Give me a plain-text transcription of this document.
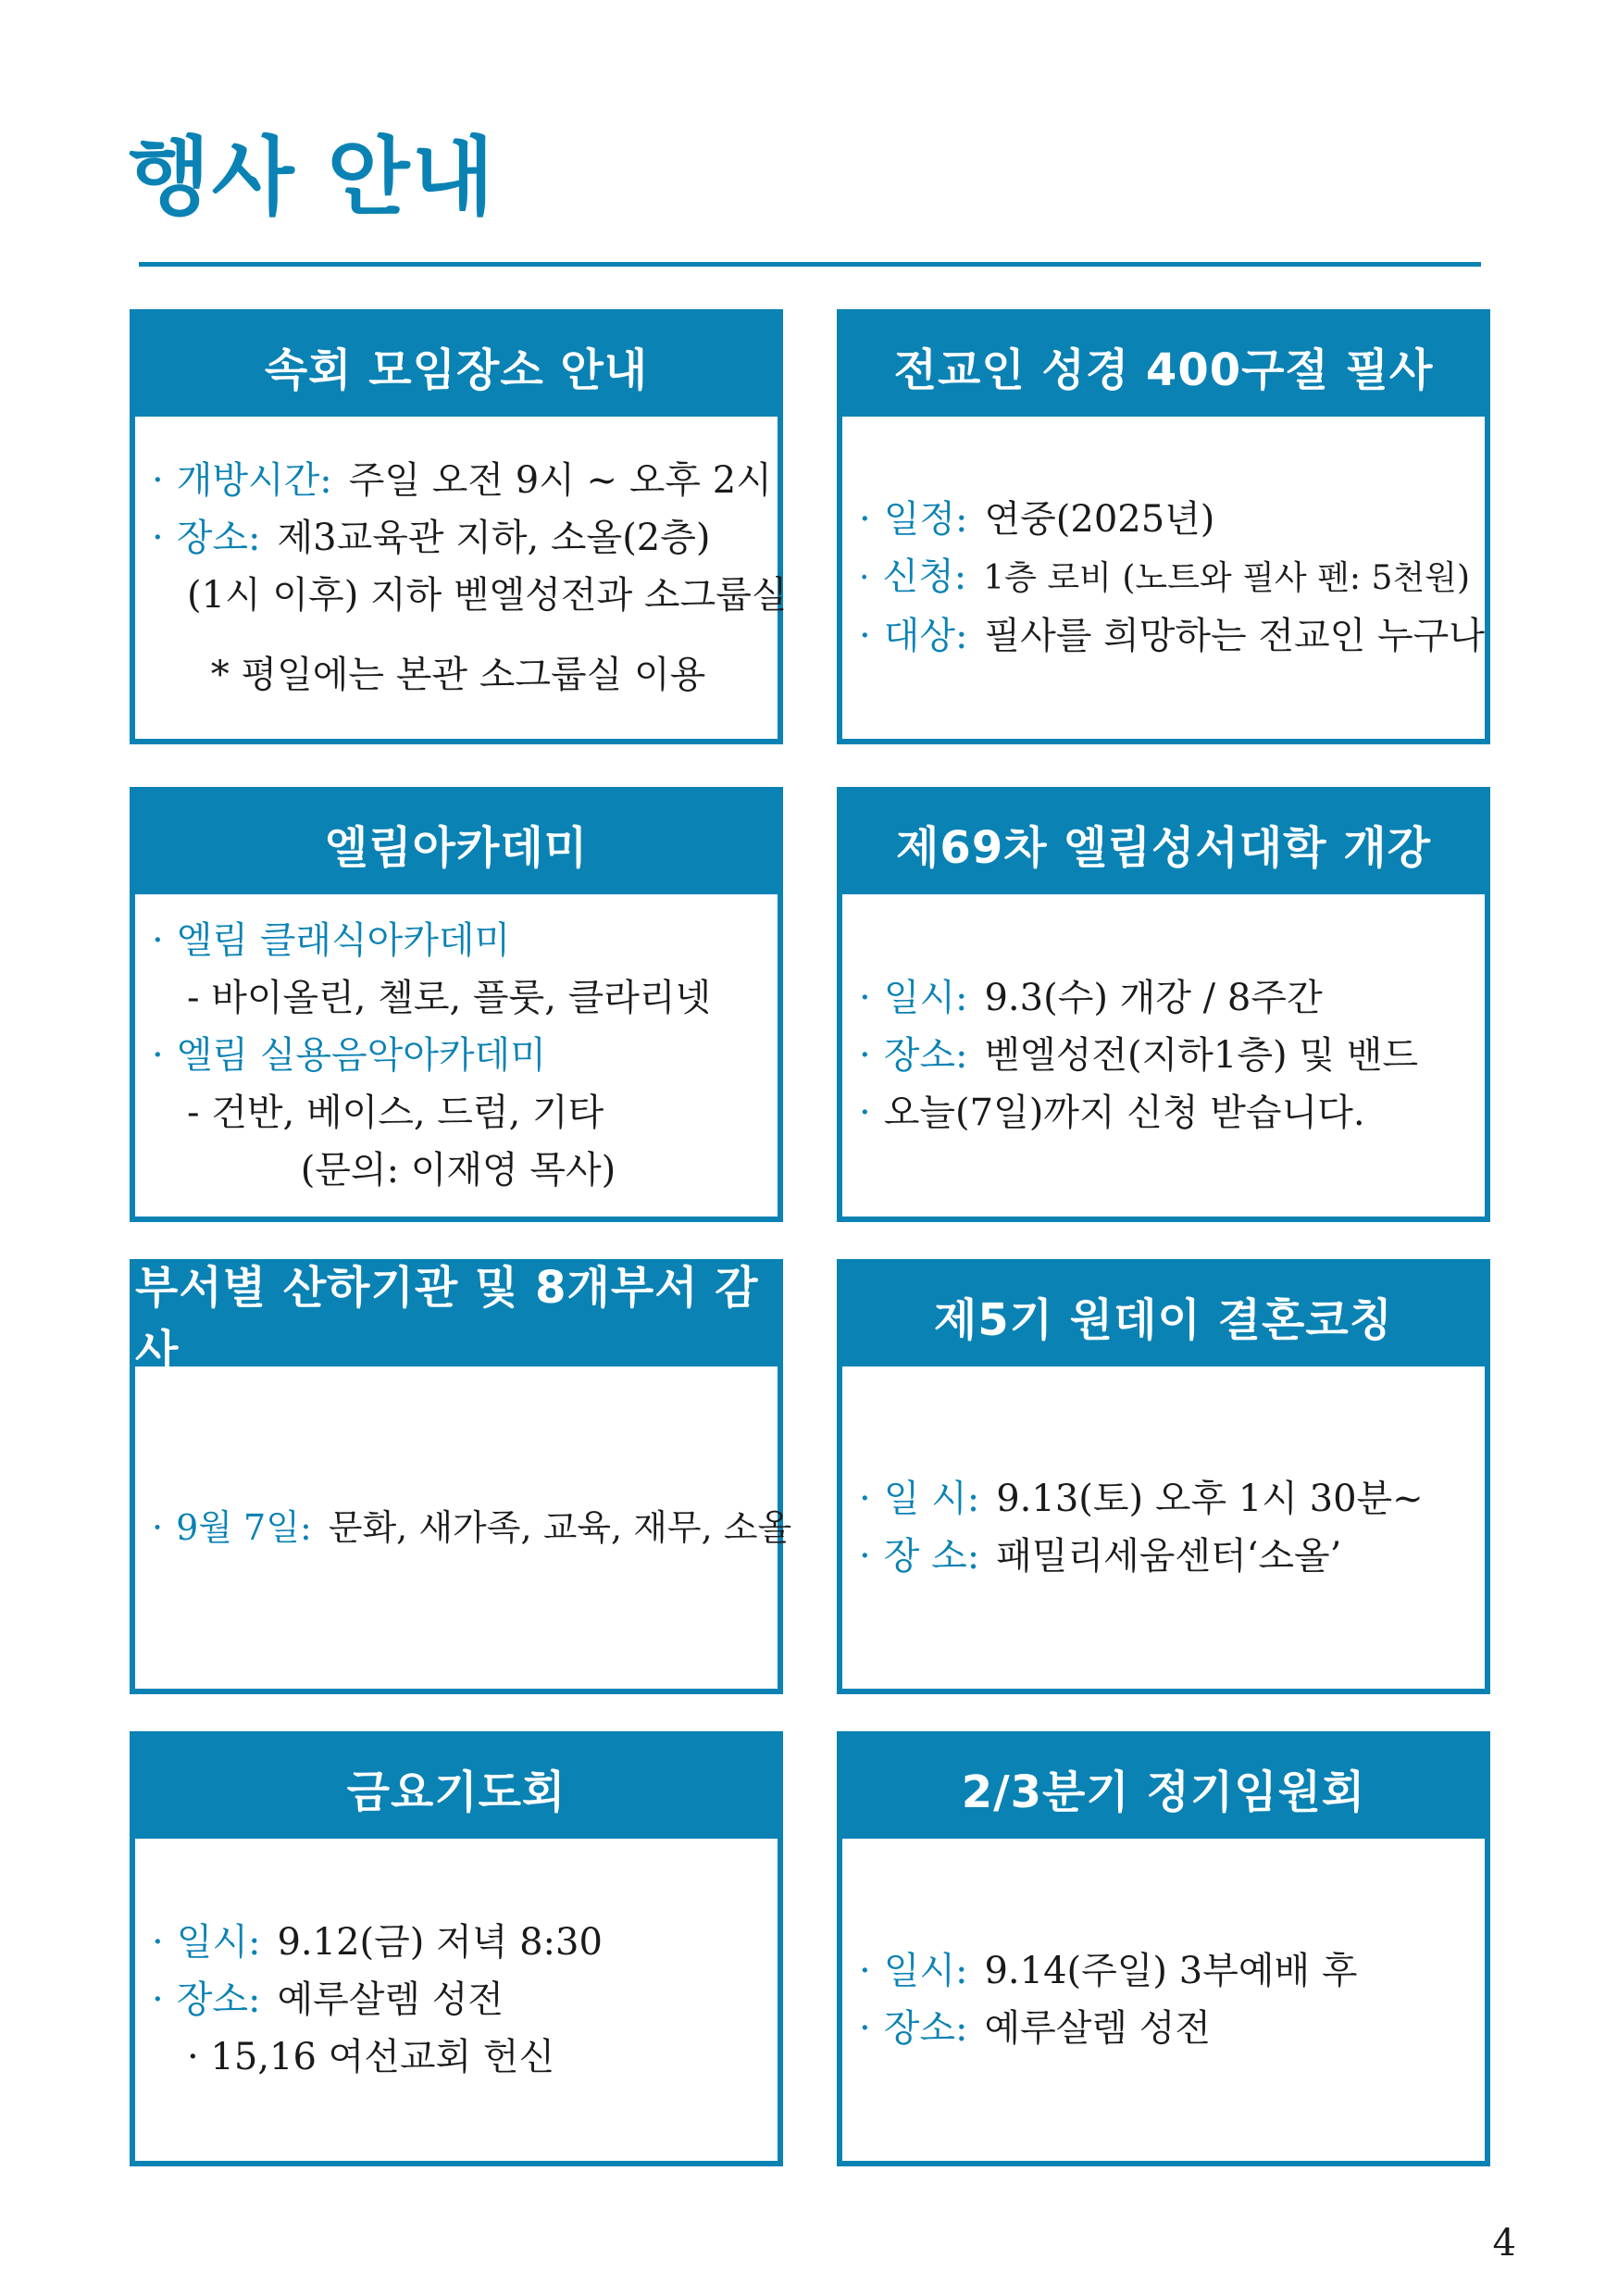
행사 안내
속회 모임장소 안내
· 개방시간: 주일 오전 9시 ~ 오후 2시
· 장소: 제3교육관 지하, 소올(2층)
(1시 이후) 지하 벧엘성전과 소그룹실
* 평일에는 본관 소그룹실 이용
전교인 성경 400구절 필사
· 일정: 연중(2025년)
· 신청: 1층 로비 (노트와 필사 펜: 5천원)
· 대상: 필사를 희망하는 전교인 누구나
엘림아카데미
· 엘림 클래식아카데미
- 바이올린, 첼로, 플룻, 클라리넷
· 엘림 실용음악아카데미
- 건반, 베이스, 드럼, 기타
(문의: 이재영 목사)
제69차 엘림성서대학 개강
· 일시: 9.3(수) 개강 / 8주간
· 장소: 벧엘성전(지하1층) 및 밴드
· 오늘(7일)까지 신청 받습니다.
부서별 산하기관 및 8개부서 감사
· 9월 7일: 문화, 새가족, 교육, 재무, 소올
제5기 원데이 결혼코칭
· 일 시: 9.13(토) 오후 1시 30분~
· 장 소: 패밀리세움센터‘소올’
금요기도회
· 일시: 9.12(금) 저녁 8:30
· 장소: 예루살렘 성전
· 15,16 여선교회 헌신
2/3분기 정기임원회
· 일시: 9.14(주일) 3부예배 후
· 장소: 예루살렘 성전
4
